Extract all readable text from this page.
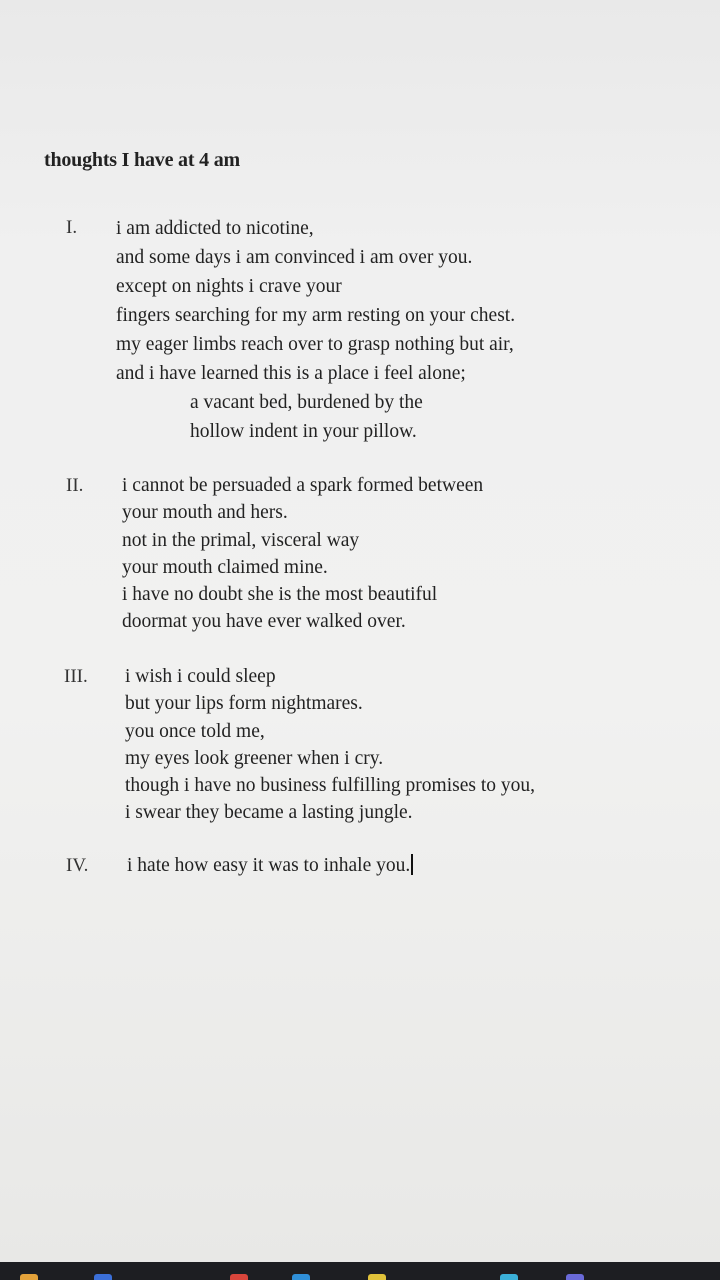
thoughts I have at 4 am
I. i am addicted to nicotine,
and some days i am convinced i am over you.
except on nights i crave your
fingers searching for my arm resting on your chest.
my eager limbs reach over to grasp nothing but air,
and i have learned this is a place i feel alone;
a vacant bed, burdened by the
hollow indent in your pillow.
II. i cannot be persuaded a spark formed between
your mouth and hers.
not in the primal, visceral way
your mouth claimed mine.
i have no doubt she is the most beautiful
doormat you have ever walked over.
III. i wish i could sleep
but your lips form nightmares.
you once told me,
my eyes look greener when i cry.
though i have no business fulfilling promises to you,
i swear they became a lasting jungle.
IV. i hate how easy it was to inhale you.
